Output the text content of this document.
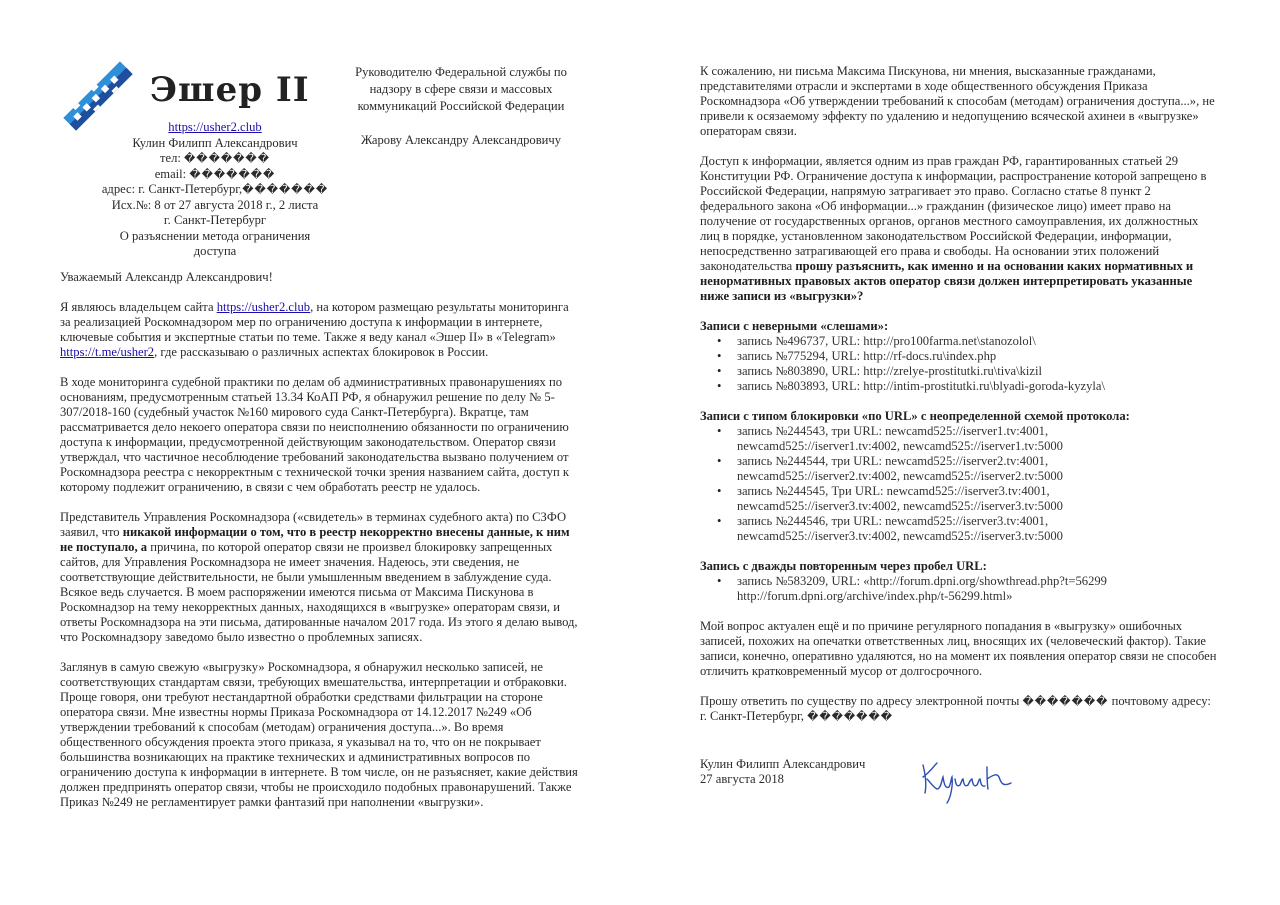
Эшер II
https://usher2.club
Кулин Филипп Александрович
тел: �������
email: �������
адрес: г. Санкт-Петербург,�������
Исх.№: 8 от 27 августа 2018 г., 2 листа
г. Санкт-Петербург
О разъяснении метода ограничения
доступа
Руководителю Федеральной службы по
надзору в сфере связи и массовых
коммуникаций Российской Федерации
Жарову Александру Александровичу

Уважаемый Александр Александрович!

Я являюсь владельцем сайта https://usher2.club, на котором размещаю результаты мониторинга за реализацией Роскомнадзором мер по ограничению доступа к информации в интернете, ключевые события и экспертные статьи по теме. Также я веду канал «Эшер II» в «Telegram» https://t.me/usher2, где рассказываю о различных аспектах блокировок в России.

В ходе мониторинга судебной практики по делам об административных правонарушениях по основаниям, предусмотренным статьей 13.34 КоАП РФ, я обнаружил решение по делу № 5-307/2018-160 (судебный участок №160 мирового суда Санкт-Петербурга). Вкратце, там рассматривается дело некоего оператора связи по неисполнению обязанности по ограничению доступа к информации, предусмотренной действующим законодательством. Оператор связи утверждал, что частичное несоблюдение требований законодательства вызвано получением от Роскомнадзора реестра с некорректным с технической точки зрения названием сайта, доступ к которому подлежит ограничению, в связи с чем обработать реестр не удалось.

Представитель Управления Роскомнадзора («свидетель» в терминах судебного акта) по СЗФО заявил, что никакой информации о том, что в реестр некорректно внесены данные, к ним не поступало, а причина, по которой оператор связи не произвел блокировку запрещенных сайтов, для Управления Роскомнадзора не имеет значения. Надеюсь, эти сведения, не соответствующие действительности, не были умышленным введением в заблуждение суда. Всякое ведь случается. В моем распоряжении имеются письма от Максима Пискунова в Роскомнадзор на тему некорректных данных, находящихся в «выгрузке» операторам связи, и ответы Роскомнадзора на эти письма, датированные началом 2017 года. Из этого я делаю вывод, что Роскомнадзору заведомо было известно о проблемных записях.

Заглянув в самую свежую «выгрузку» Роскомнадзора, я обнаружил несколько записей, не соответствующих стандартам связи, требующих вмешательства, интерпретации и отбраковки. Проще говоря, они требуют нестандартной обработки средствами фильтрации на стороне оператора связи. Мне известны нормы Приказа Роскомнадзора от 14.12.2017 №249 «Об утверждении требований к способам (методам) ограничения доступа...». Во время общественного обсуждения проекта этого приказа, я указывал на то, что он не покрывает большинства возникающих на практике технических и административных вопросов по ограничению доступа к информации в интернете. В том числе, он не разъясняет, какие действия должен предпринять оператор связи, чтобы не происходило подобных правонарушений. Также Приказ №249 не регламентирует рамки фантазий при наполнении «выгрузки».

К сожалению, ни письма Максима Пискунова, ни мнения, высказанные гражданами, представителями отрасли и экспертами в ходе общественного обсуждения Приказа Роскомнадзора «Об утверждении требований к способам (методам) ограничения доступа...», не привели к осязаемому эффекту по удалению и недопущению всяческой ахинеи в «выгрузке» операторам связи.

Доступ к информации, является одним из прав граждан РФ, гарантированных статьей 29 Конституции РФ. Ограничение доступа к информации, распространение которой запрещено в Российской Федерации, напрямую затрагивает это право. Согласно статье 8 пункт 2 федерального закона «Об информации...» гражданин (физическое лицо) имеет право на получение от государственных органов, органов местного самоуправления, их должностных лиц в порядке, установленном законодательством Российской Федерации, информации, непосредственно затрагивающей его права и свободы. На основании этих положений законодательства прошу разъяснить, как именно и на основании каких нормативных и ненормативных правовых актов оператор связи должен интерпретировать указанные ниже записи из «выгрузки»?

Записи с неверными «слешами»:
• запись №496737, URL: http://pro100farma.net\stanozolol\
• запись №775294, URL: http://rf-docs.ru\index.php
• запись №803890, URL: http://zrelye-prostitutki.ru\tiva\kizil
• запись №803893, URL: http://intim-prostitutki.ru\blyadi-goroda-kyzyla\
Записи с типом блокировки «по URL» с неопределенной схемой протокола:
• запись №244543, три URL: newcamd525://iserver1.tv:4001,
newcamd525://iserver1.tv:4002, newcamd525://iserver1.tv:5000
• запись №244544, три URL: newcamd525://iserver2.tv:4001,
newcamd525://iserver2.tv:4002, newcamd525://iserver2.tv:5000
• запись №244545, Три URL: newcamd525://iserver3.tv:4001,
newcamd525://iserver3.tv:4002, newcamd525://iserver3.tv:5000
• запись №244546, три URL: newcamd525://iserver3.tv:4001,
newcamd525://iserver3.tv:4002, newcamd525://iserver3.tv:5000
Запись с дважды повторенным через пробел URL:
• запись №583209, URL: «http://forum.dpni.org/showthread.php?t=56299
http://forum.dpni.org/archive/index.php/t-56299.html»

Мой вопрос актуален ещё и по причине регулярного попадания в «выгрузку» ошибочных записей, похожих на опечатки ответственных лиц, вносящих их (человеческий фактор). Такие записи, конечно, оперативно удаляются, но на момент их появления оператор связи не способен отличить кратковременный мусор от долгосрочного.

Прошу ответить по существу по адресу электронной почты ������� почтовому адресу: г. Санкт-Петербург, �������

Кулин Филипп Александрович
27 августа 2018
